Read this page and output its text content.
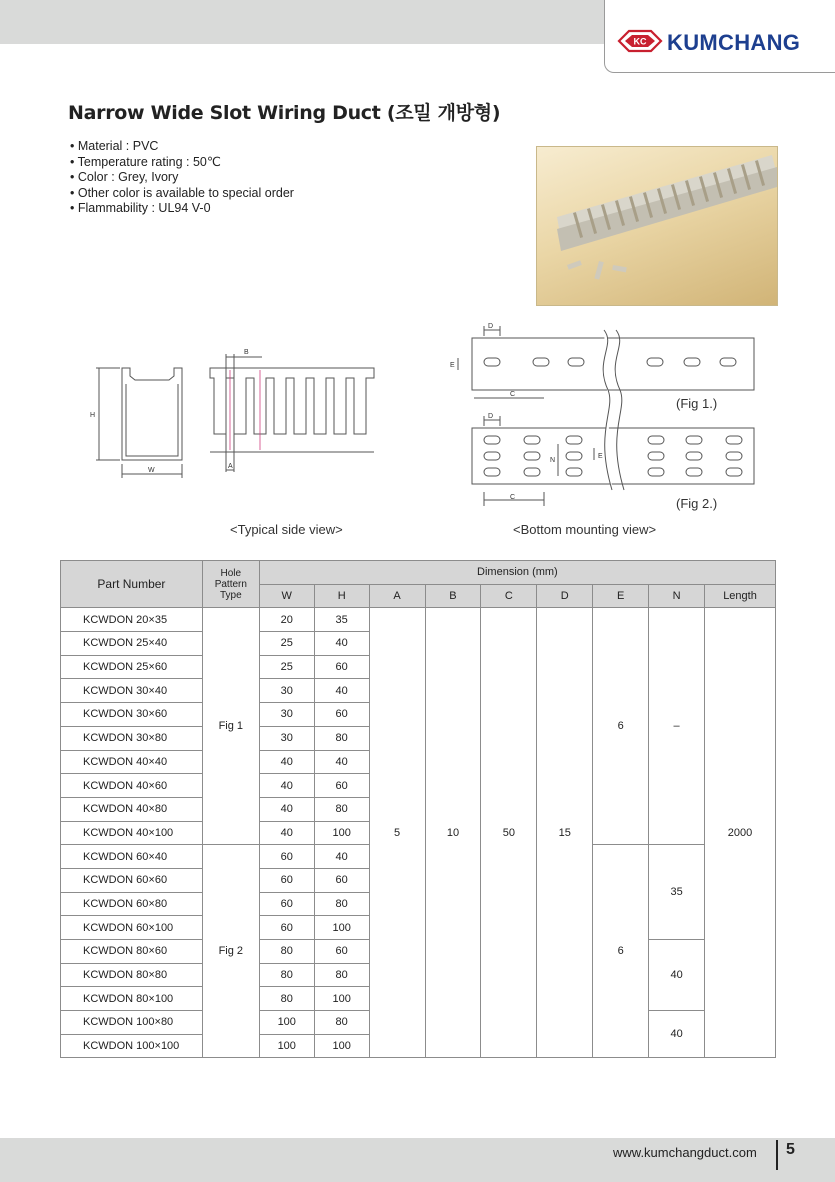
KC KUMCHANG
Narrow Wide Slot Wiring Duct (조밀 개방형)
• Material : PVC
• Temperature rating : 50℃
• Color : Grey, Ivory
• Other color is available to special order
• Flammability : UL94 V-0
H
W
A
B
D
E
C
D
N
E
C
(Fig 1.)
(Fig 2.)
<Typical side view>	<Bottom mounting view>
Part Number	Hole
Pattern
Type	Dimension (mm)								
		W	H	A	B	C	D	E	N	Length
KCWDON 20×35	Fig 1	20	35	5	10	50	15	6	–	2000
KCWDON 25×40		25	40							
KCWDON 25×60		25	60							
KCWDON 30×40		30	40							
KCWDON 30×60		30	60							
KCWDON 30×80		30	80							
KCWDON 40×40		40	40							
KCWDON 40×60		40	60							
KCWDON 40×80		40	80							
KCWDON 40×100		40	100							
KCWDON 60×40	Fig 2	60	40					6	35	
KCWDON 60×60		60	60							
KCWDON 60×80		60	80							
KCWDON 60×100		60	100							
KCWDON 80×60		80	60						40	
KCWDON 80×80		80	80							
KCWDON 80×100		80	100							
KCWDON 100×80		100	80						40	
KCWDON 100×100		100	100							
www.kumchangduct.com 5
